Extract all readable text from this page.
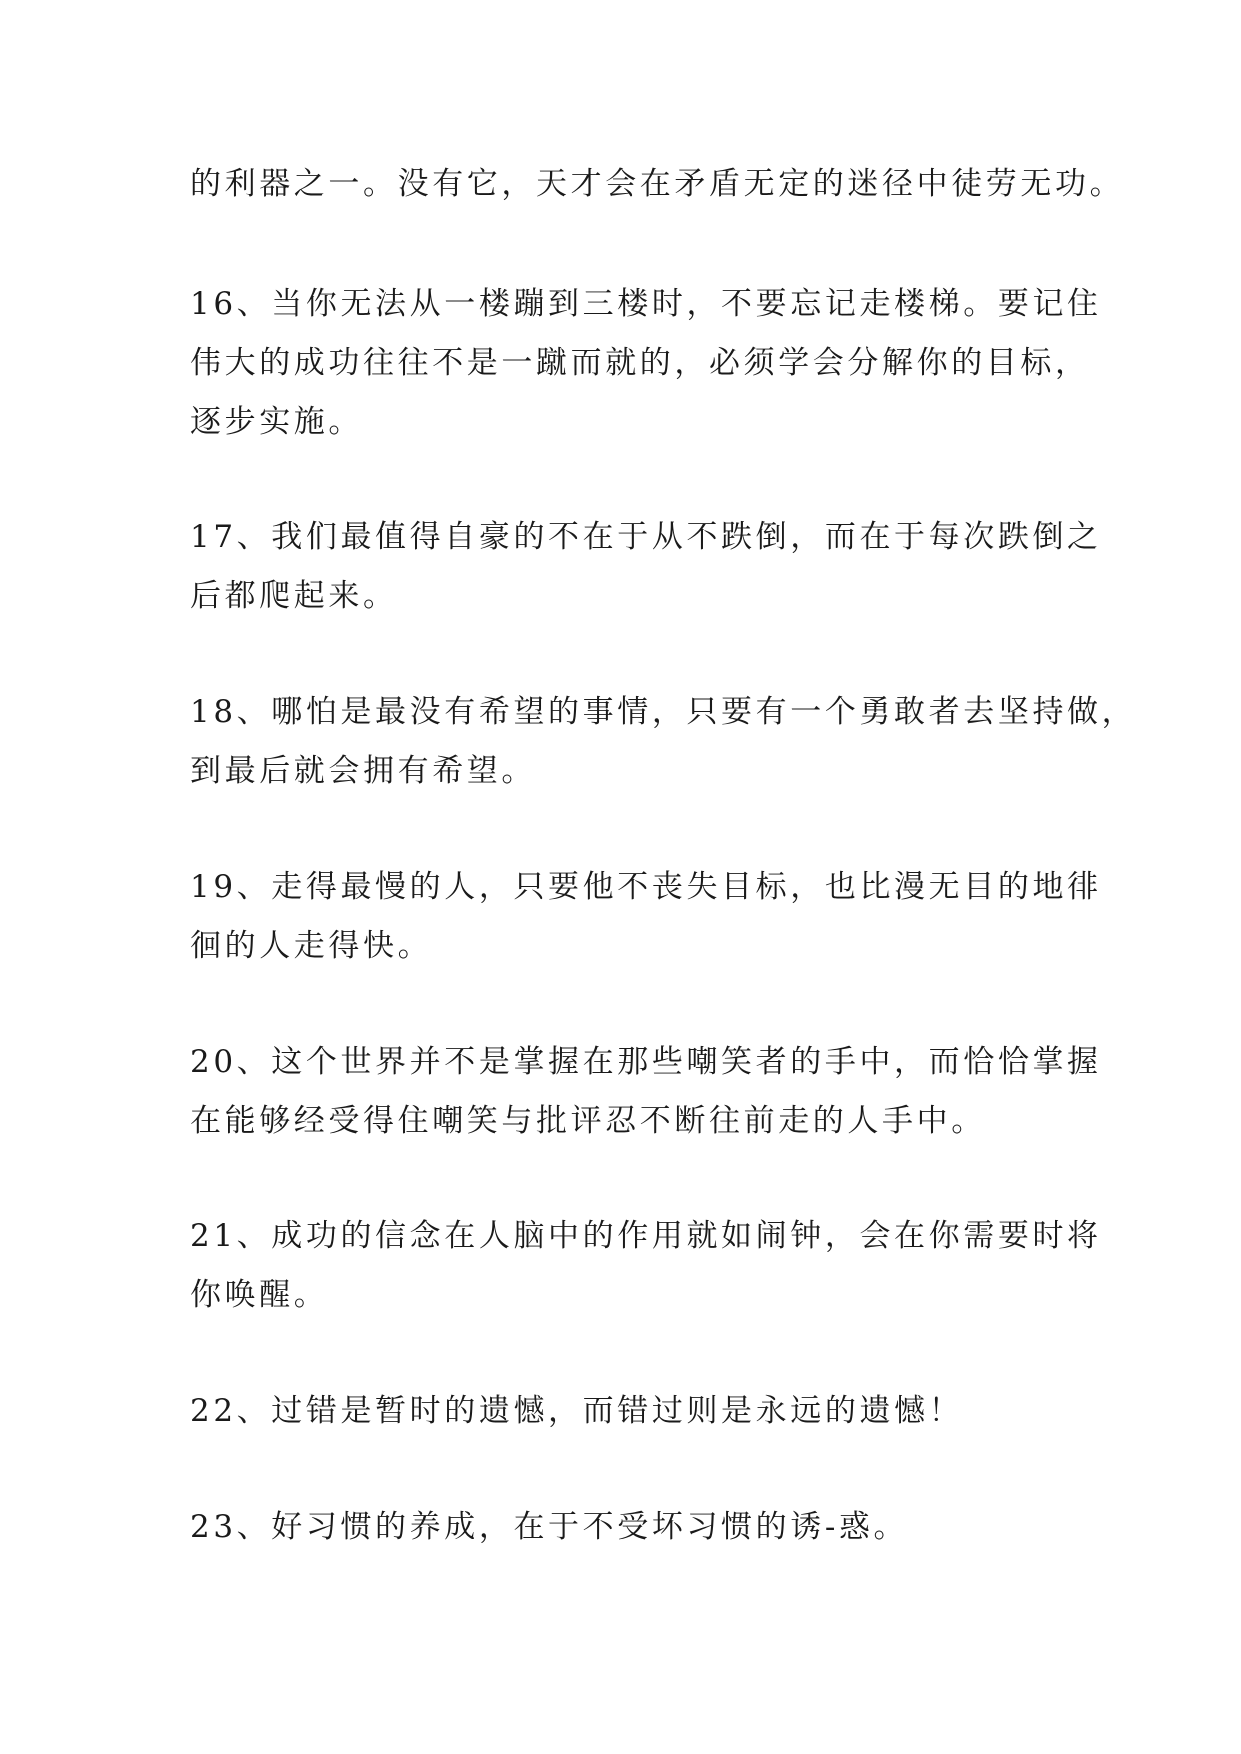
的利器之一。没有它，天才会在矛盾无定的迷径中徒劳无功。
16、当你无法从一楼蹦到三楼时，不要忘记走楼梯。要记住
伟大的成功往往不是一蹴而就的，必须学会分解你的目标，
逐步实施。
17、我们最值得自豪的不在于从不跌倒，而在于每次跌倒之
后都爬起来。
18、哪怕是最没有希望的事情，只要有一个勇敢者去坚持做，
到最后就会拥有希望。
19、走得最慢的人，只要他不丧失目标，也比漫无目的地徘
徊的人走得快。
20、这个世界并不是掌握在那些嘲笑者的手中，而恰恰掌握
在能够经受得住嘲笑与批评忍不断往前走的人手中。
21、成功的信念在人脑中的作用就如闹钟，会在你需要时将
你唤醒。
22、过错是暂时的遗憾，而错过则是永远的遗憾！
23、好习惯的养成，在于不受坏习惯的诱-惑。
